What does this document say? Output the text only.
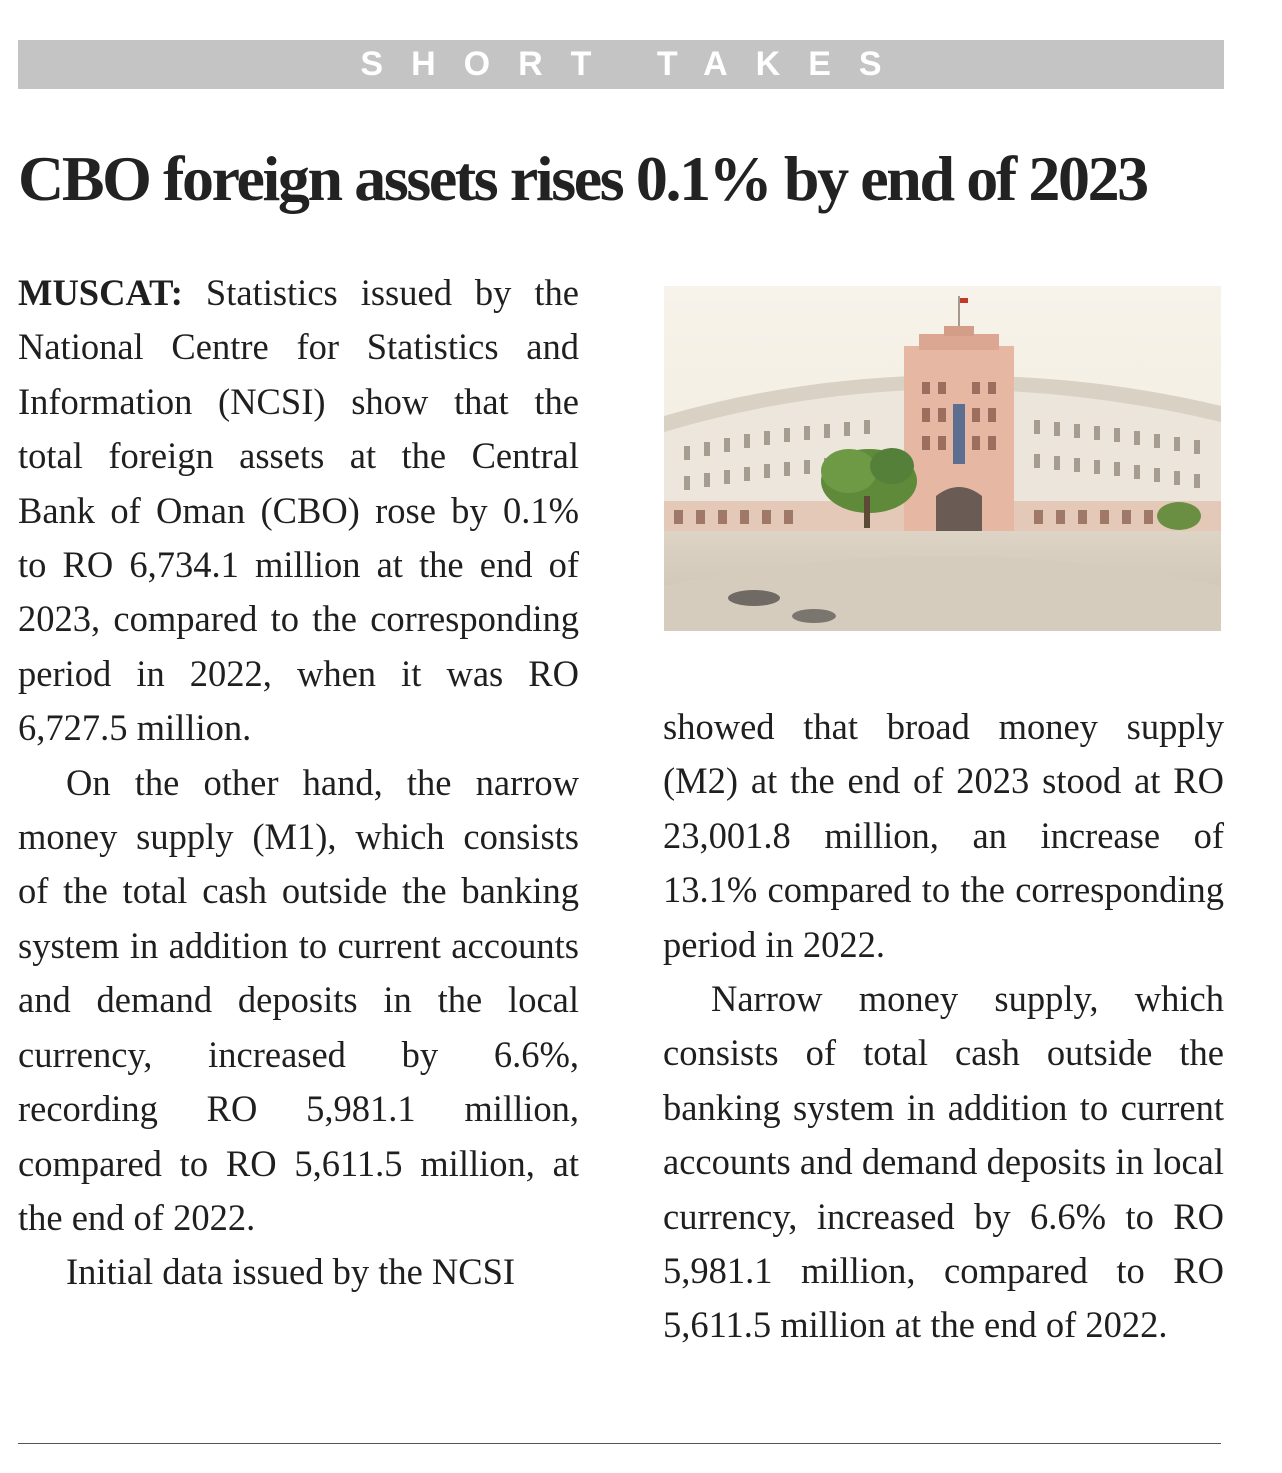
SHORT TAKES
CBO foreign assets rises 0.1% by end of 2023

MUSCAT: Statistics issued by the National Centre for Statistics and Information (NCSI) show that the total foreign assets at the Central Bank of Oman (CBO) rose by 0.1% to RO 6,734.1 million at the end of 2023, compared to the corresponding period in 2022, when it was RO 6,727.5 million.

On the other hand, the narrow money supply (M1), which consists of the total cash outside the banking system in addition to current accounts and demand deposits in the local currency, increased by 6.6%, recording RO 5,981.1 million, compared to RO 5,611.5 million, at the end of 2022.

Initial data issued by the NCSI

showed that broad money supply (M2) at the end of 2023 stood at RO 23,001.8 million, an increase of 13.1% compared to the corresponding period in 2022.

Narrow money supply, which consists of total cash outside the banking system in addition to current accounts and demand deposits in local currency, increased by 6.6% to RO 5,981.1 million, compared to RO 5,611.5 million at the end of 2022.
